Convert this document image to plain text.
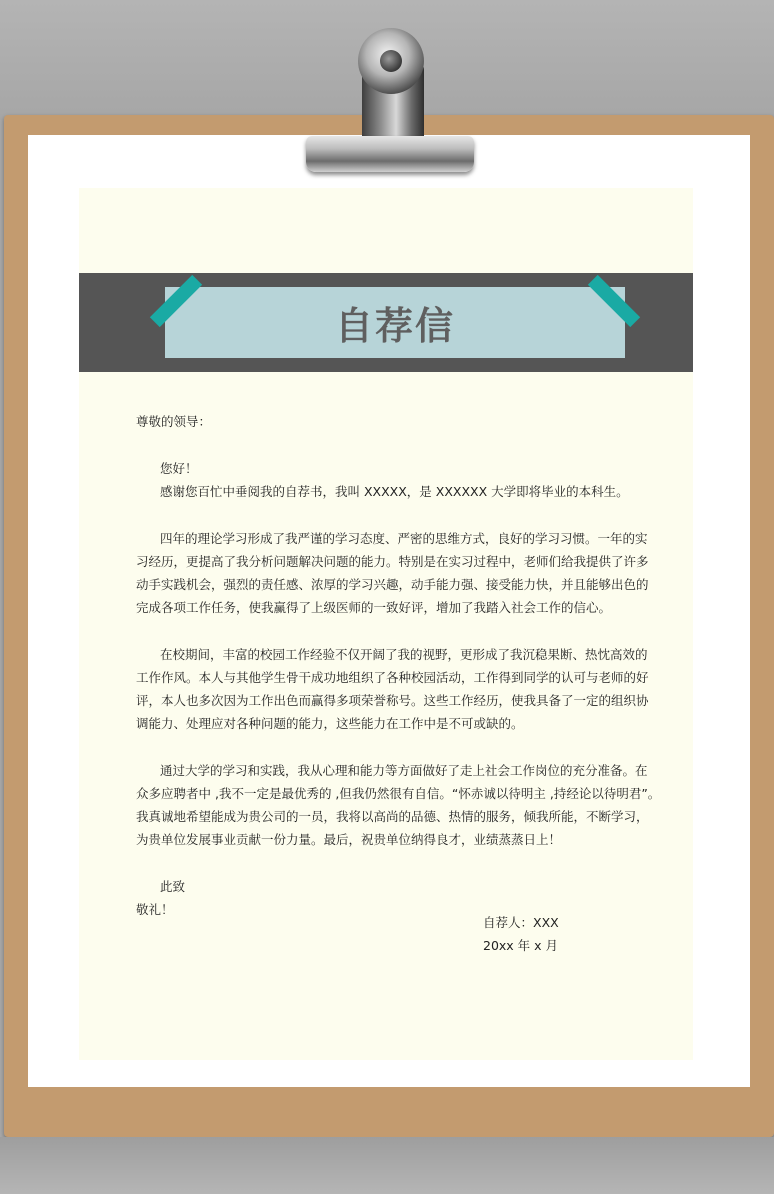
自荐信
尊敬的领导：
您好！
感谢您百忙中垂阅我的自荐书，我叫 XXXXX，是 XXXXXX 大学即将毕业的本科生。
四年的理论学习形成了我严谨的学习态度、严密的思维方式，良好的学习习惯。一年的实
习经历，更提高了我分析问题解决问题的能力。特别是在实习过程中，老师们给我提供了许多
动手实践机会，强烈的责任感、浓厚的学习兴趣，动手能力强、接受能力快，并且能够出色的
完成各项工作任务，使我赢得了上级医师的一致好评，增加了我踏入社会工作的信心。
在校期间，丰富的校园工作经验不仅开阔了我的视野，更形成了我沉稳果断、热忱高效的
工作作风。本人与其他学生骨干成功地组织了各种校园活动，工作得到同学的认可与老师的好
评，本人也多次因为工作出色而赢得多项荣誉称号。这些工作经历，使我具备了一定的组织协
调能力、处理应对各种问题的能力，这些能力在工作中是不可或缺的。
通过大学的学习和实践，我从心理和能力等方面做好了走上社会工作岗位的充分准备。在
众多应聘者中 ,我不一定是最优秀的 ,但我仍然很有自信。“怀赤诚以待明主 ,持经论以待明君”。
我真诚地希望能成为贵公司的一员，我将以高尚的品德、热情的服务，倾我所能，不断学习，
为贵单位发展事业贡献一份力量。最后，祝贵单位纳得良才，业绩蒸蒸日上！
此致
敬礼！
自荐人：XXX
20xx 年 x 月
